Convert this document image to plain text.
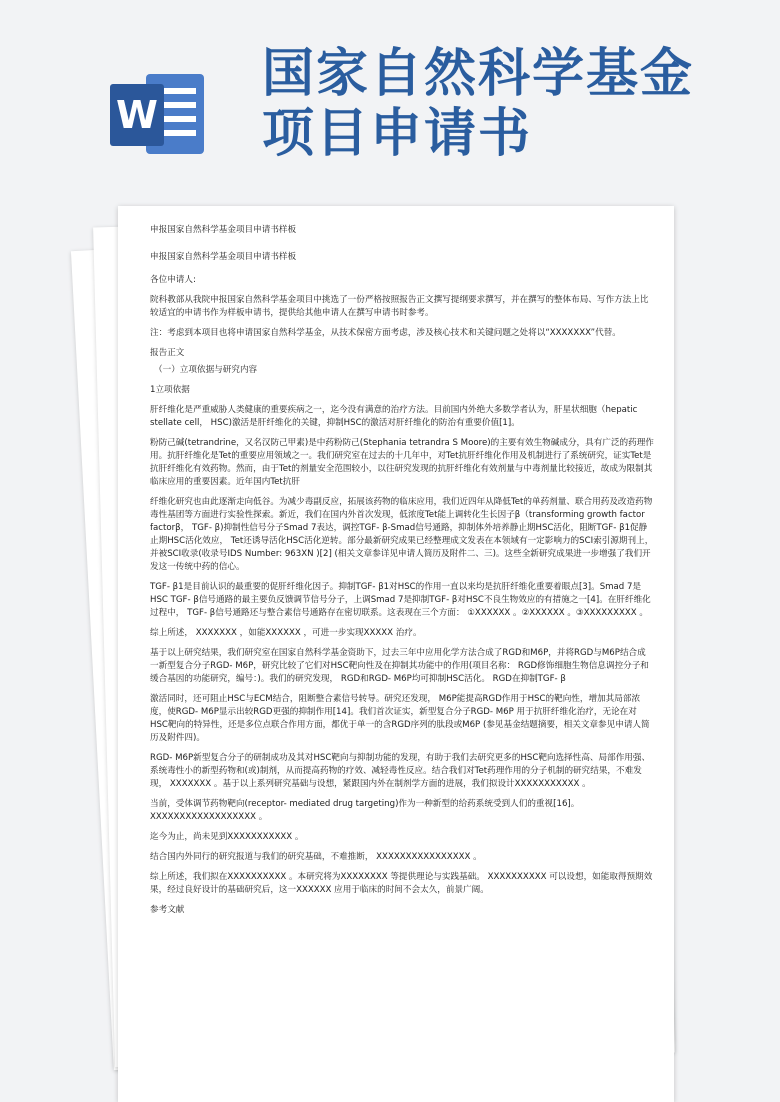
W
国家自然科学基金
项目申请书

申报国家自然科学基金项目申请书样板

申报国家自然科学基金项目申请书样板

各位申请人:

院科教部从我院申报国家自然科学基金项目中挑选了一份严格按照报告正文撰写提纲要求撰写，并在撰写的整体布局、写作方法上比较适宜的申请书作为样板申请书，提供给其他申请人在撰写申请书时参考。

注：考虑到本项目也将申请国家自然科学基金，从技术保密方面考虑，涉及核心技术和关键问题之处将以“XXXXXXX”代替。

报告正文

（一）立项依据与研究内容

1立项依据

肝纤维化是严重威胁人类健康的重要疾病之一，迄今没有满意的治疗方法。目前国内外绝大多数学者认为，肝星状细胞（hepatic stellate cell， HSC)激活是肝纤维化的关键，抑制HSC的激活对肝纤维化的防治有重要价值[1]。

粉防己碱(tetrandrine，又名汉防己甲素)是中药粉防己(Stephania tetrandra S Moore)的主要有效生物碱成分，具有广泛的药理作用。抗肝纤维化是Tet的重要应用领域之一。我们研究室在过去的十几年中，对Tet抗肝纤维化作用及机制进行了系统研究，证实Tet是抗肝纤维化有效药物。然而，由于Tet的剂量安全范围较小，以往研究发现的抗肝纤维化有效剂量与中毒剂量比较接近，故成为限制其临床应用的重要因素。近年国内Tet抗肝

纤维化研究也由此逐渐走向低谷。为减少毒副反应，拓展该药物的临床应用，我们近四年从降低Tet的单药剂量、联合用药及改造药物毒性基团等方面进行实验性探索。新近，我们在国内外首次发现，低浓度Tet能上调转化生长因子β（transforming growth factor factorβ， TGF- β)抑制性信号分子Smad 7表达，调控TGF- β-Smad信号通路，抑制体外培养静止期HSC活化，阻断TGF- β1促静止期HSC活化效应， Tet还诱导活化HSC活化逆转。部分最新研究成果已经整理成文发表在本领域有一定影响力的SCI索引源期刊上，并被SCI收录(收录号IDS Number: 963XN )[2] (相关文章参详见申请人简历及附件二、三)。这些全新研究成果进一步增强了我们开发这一传统中药的信心。

TGF- β1是目前认识的最重要的促肝纤维化因子。抑制TGF- β1对HSC的作用一直以来均是抗肝纤维化重要着眼点[3]。Smad 7是HSC TGF- β信号通路的最主要负反馈调节信号分子，上调Smad 7是抑制TGF- β对HSC不良生物效应的有措施之一[4]。在肝纤维化过程中， TGF- β信号通路还与整合素信号通路存在密切联系。这表现在三个方面： ①XXXXXX 。②XXXXXX 。③XXXXXXXXX 。

综上所述， XXXXXXX ，如能XXXXXX ，可进一步实现XXXXX 治疗。

基于以上研究结果，我们研究室在国家自然科学基金资助下，过去三年中应用化学方法合成了RGD和M6P，并将RGD与M6P结合成一新型复合分子RGD- M6P，研究比较了它们对HSC靶向性及在抑制其功能中的作用(项目名称： RGD修饰细胞生物信息调控分子和缓合基因的功能研究，编号：)。我们的研究发现， RGD和RGD- M6P均可抑制HSC活化。 RGD在抑制TGF- β

激活同时，还可阻止HSC与ECM结合，阻断整合素信号转导。研究还发现， M6P能提高RGD作用于HSC的靶向性，增加其局部浓度，使RGD- M6P显示出较RGD更强的抑制作用[14]。我们首次证实，新型复合分子RGD- M6P 用于抗肝纤维化治疗，无论在对HSC靶向的特异性，还是多位点联合作用方面，都优于单一的含RGD序列的肽段或M6P (参见基金结题摘要，相关文章参见申请人简历及附件四)。

RGD- M6P新型复合分子的研制成功及其对HSC靶向与抑制功能的发现，有助于我们去研究更多的HSC靶向选择性高、局部作用强、系统毒性小的新型药物和(或)制剂，从而提高药物的疗效、减轻毒性反应。结合我们对Tet药理作用的分子机制的研究结果，不难发现， XXXXXXX 。基于以上系列研究基础与设想，紧跟国内外在制剂学方面的进展，我们拟设计XXXXXXXXXXX 。

当前，受体调节药物靶向(receptor- mediated drug targeting)作为一种新型的给药系统受到人们的重视[16]。XXXXXXXXXXXXXXXXXX 。

迄今为止，尚未见到XXXXXXXXXXX 。

结合国内外同行的研究报道与我们的研究基础，不难推断， XXXXXXXXXXXXXXXX 。

综上所述，我们拟在XXXXXXXXXX 。本研究将为XXXXXXXX 等提供理论与实践基础。 XXXXXXXXXX 可以设想，如能取得预期效果，经过良好设计的基础研究后，这一XXXXXX 应用于临床的时间不会太久，前景广阔。

参考文献
